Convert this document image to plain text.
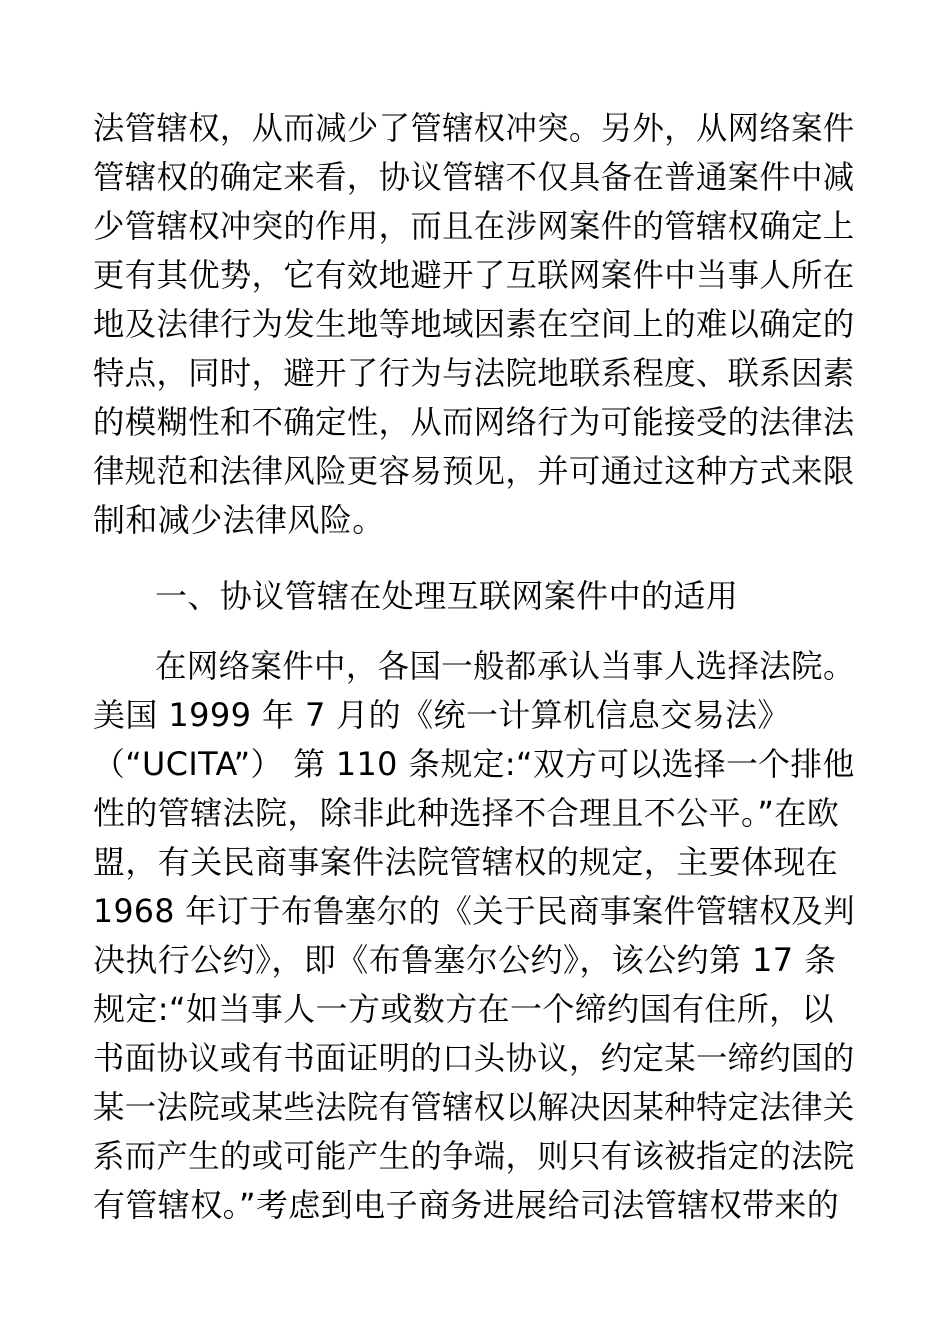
法管辖权，从而减少了管辖权冲突。另外，从网络案件
管辖权的确定来看，协议管辖不仅具备在普通案件中减
少管辖权冲突的作用，而且在涉网案件的管辖权确定上
更有其优势，它有效地避开了互联网案件中当事人所在
地及法律行为发生地等地域因素在空间上的难以确定的
特点，同时，避开了行为与法院地联系程度、联系因素
的模糊性和不确定性，从而网络行为可能接受的法律法
律规范和法律风险更容易预见，并可通过这种方式来限
制和减少法律风险。
一、协议管辖在处理互联网案件中的适用
在网络案件中，各国一般都承认当事人选择法院。
美国 1999 年 7 月的《统一计算机信息交易法》
（“UCITA”） 第 110 条规定:“双方可以选择一个排他
性的管辖法院，除非此种选择不合理且不公平。”在欧
盟，有关民商事案件法院管辖权的规定，主要体现在
1968 年订于布鲁塞尔的《关于民商事案件管辖权及判
决执行公约》，即《布鲁塞尔公约》，该公约第 17 条
规定:“如当事人一方或数方在一个缔约国有住所，以
书面协议或有书面证明的口头协议，约定某一缔约国的
某一法院或某些法院有管辖权以解决因某种特定法律关
系而产生的或可能产生的争端，则只有该被指定的法院
有管辖权。”考虑到电子商务进展给司法管辖权带来的
